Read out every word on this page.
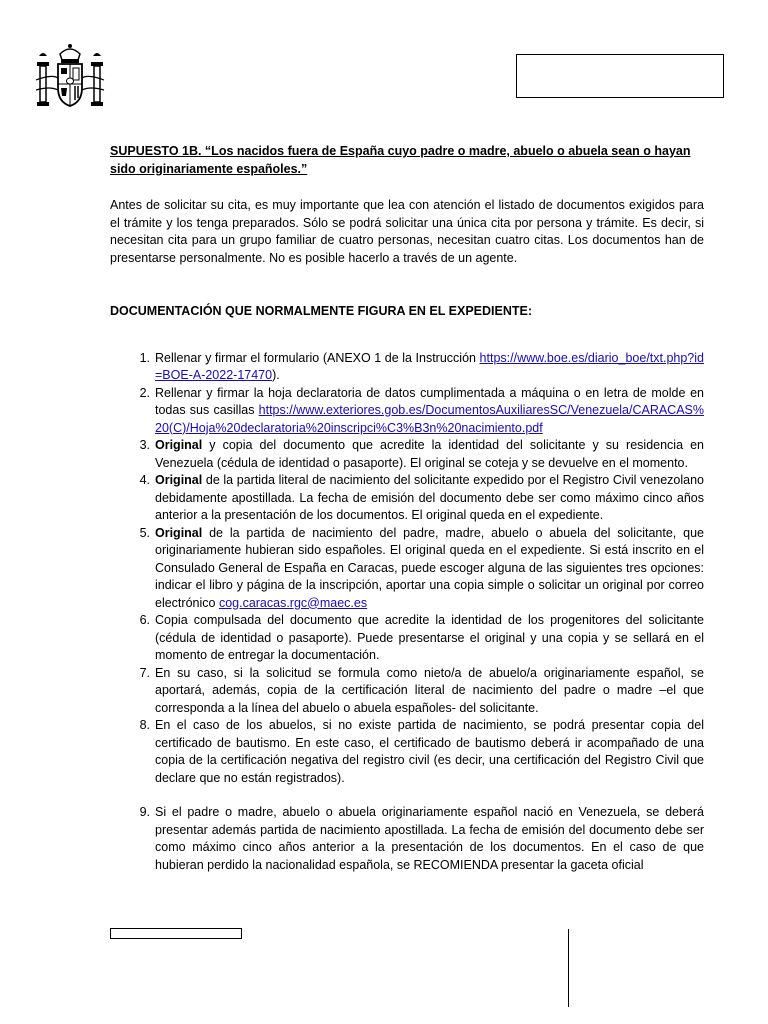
SUPUESTO 1B. “Los nacidos fuera de España cuyo padre o madre, abuelo o abuela sean o hayan sido originariamente españoles.”

Antes de solicitar su cita, es muy importante que lea con atención el listado de documentos exigidos para el trámite y los tenga preparados. Sólo se podrá solicitar una única cita por persona y trámite. Es decir, si necesitan cita para un grupo familiar de cuatro personas, necesitan cuatro citas. Los documentos han de presentarse personalmente. No es posible hacerlo a través de un agente.

DOCUMENTACIÓN QUE NORMALMENTE FIGURA EN EL EXPEDIENTE:
1 . Rellenar y firmar el formulario (ANEXO 1 de la Instrucción https://www.boe.es/diario_boe/txt.php?id=BOE-A-2022-17470).
2 . Rellenar y firmar la hoja declaratoria de datos cumplimentada a máquina o en letra de molde en todas sus casillas https://www.exteriores.gob.es/DocumentosAuxiliaresSC/Venezuela/CARACAS%20(C)/Hoja%20declaratoria%20inscripci%C3%B3n%20nacimiento.pdf
3 . Original y copia del documento que acredite la identidad del solicitante y su residencia en Venezuela (cédula de identidad o pasaporte). El original se coteja y se devuelve en el momento.
4 . Original de la partida literal de nacimiento del solicitante expedido por el Registro Civil venezolano debidamente apostillada. La fecha de emisión del documento debe ser como máximo cinco años anterior a la presentación de los documentos. El original queda en el expediente.
5 . Original de la partida de nacimiento del padre, madre, abuelo o abuela del solicitante, que originariamente hubieran sido españoles. El original queda en el expediente. Si está inscrito en el Consulado General de España en Caracas, puede escoger alguna de las siguientes tres opciones: indicar el libro y página de la inscripción, aportar una copia simple o solicitar un original por correo electrónico cog.caracas.rgc@maec.es
6 . Copia compulsada del documento que acredite la identidad de los progenitores del solicitante (cédula de identidad o pasaporte). Puede presentarse el original y una copia y se sellará en el momento de entregar la documentación.
7 . En su caso, si la solicitud se formula como nieto/a de abuelo/a originariamente español, se aportará, además, copia de la certificación literal de nacimiento del padre o madre –el que corresponda a la línea del abuelo o abuela españoles- del solicitante.
8 . En el caso de los abuelos, si no existe partida de nacimiento, se podrá presentar copia del certificado de bautismo. En este caso, el certificado de bautismo deberá ir acompañado de una copia de la certificación negativa del registro civil (es decir, una certificación del Registro Civil que declare que no están registrados).
9 . Si el padre o madre, abuelo o abuela originariamente español nació en Venezuela, se deberá presentar además partida de nacimiento apostillada. La fecha de emisión del documento debe ser como máximo cinco años anterior a la presentación de los documentos. En el caso de que hubieran perdido la nacionalidad española, se RECOMIENDA presentar la gaceta oficial
